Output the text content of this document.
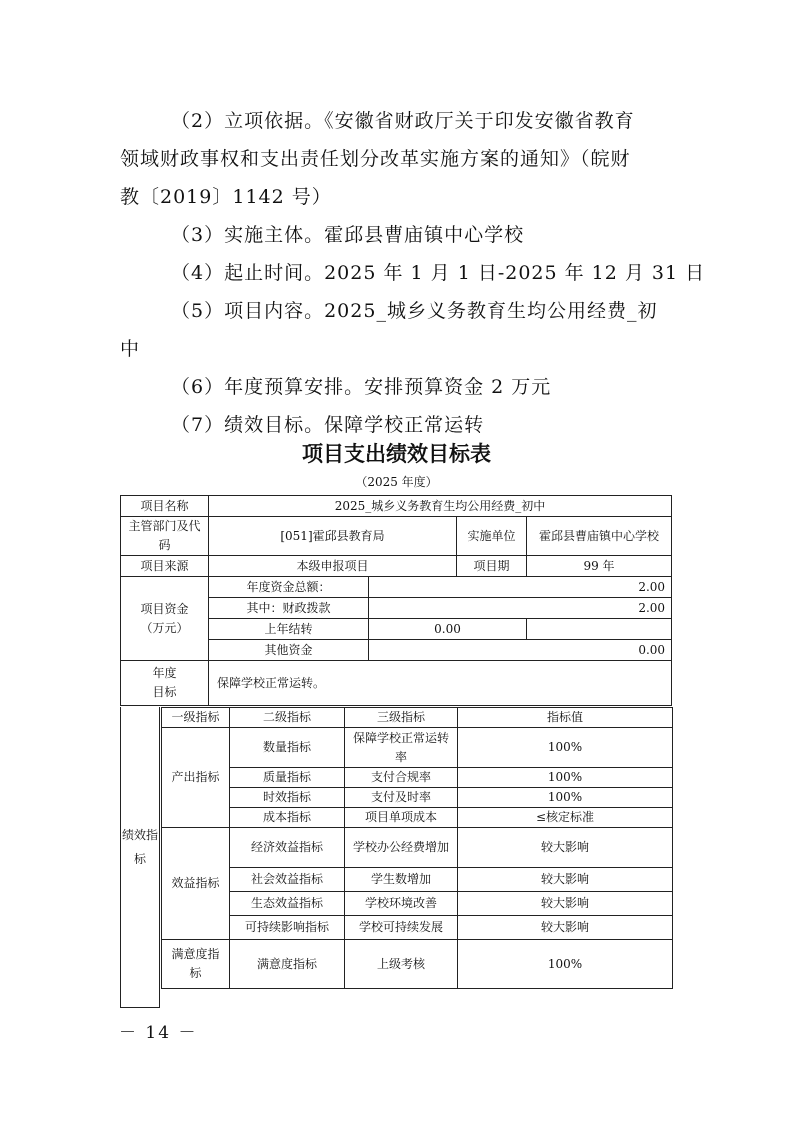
（2）立项依据。《安徽省财政厅关于印发安徽省教育
领域财政事权和支出责任划分改革实施方案的通知》（皖财
教〔2019〕1142 号）
（3）实施主体。霍邱县曹庙镇中心学校
（4）起止时间。2025 年 1 月 1 日-2025 年 12 月 31 日
（5）项目内容。2025_城乡义务教育生均公用经费_初
中
（6）年度预算安排。安排预算资金 2 万元
（7）绩效目标。保障学校正常运转
项目支出绩效目标表
（2025 年度）
项目名称	2025_城乡义务教育生均公用经费_初中			
主管部门及代码	[051]霍邱县教育局		实施单位	霍邱县曹庙镇中心学校
项目来源	本级申报项目		项目期	99 年
项目资金（万元）	年度资金总额：	2.00		
	其中：财政拨款	2.00		
	上年结转	0.00		
	其他资金	0.00		

年度目标	保障学校正常运转。			
绩效指标
一级指标	二级指标	三级指标	指标值
产出指标	数量指标	保障学校正常运转率	100%
	质量指标	支付合规率	100%
	时效指标	支付及时率	100%
	成本指标	项目单项成本	≤核定标准
效益指标	经济效益指标	学校办公经费增加	较大影响
	社会效益指标	学生数增加	较大影响
	生态效益指标	学校环境改善	较大影响
	可持续影响指标	学校可持续发展	较大影响
满意度指标	满意度指标	上级考核	100%
－ 14 －
